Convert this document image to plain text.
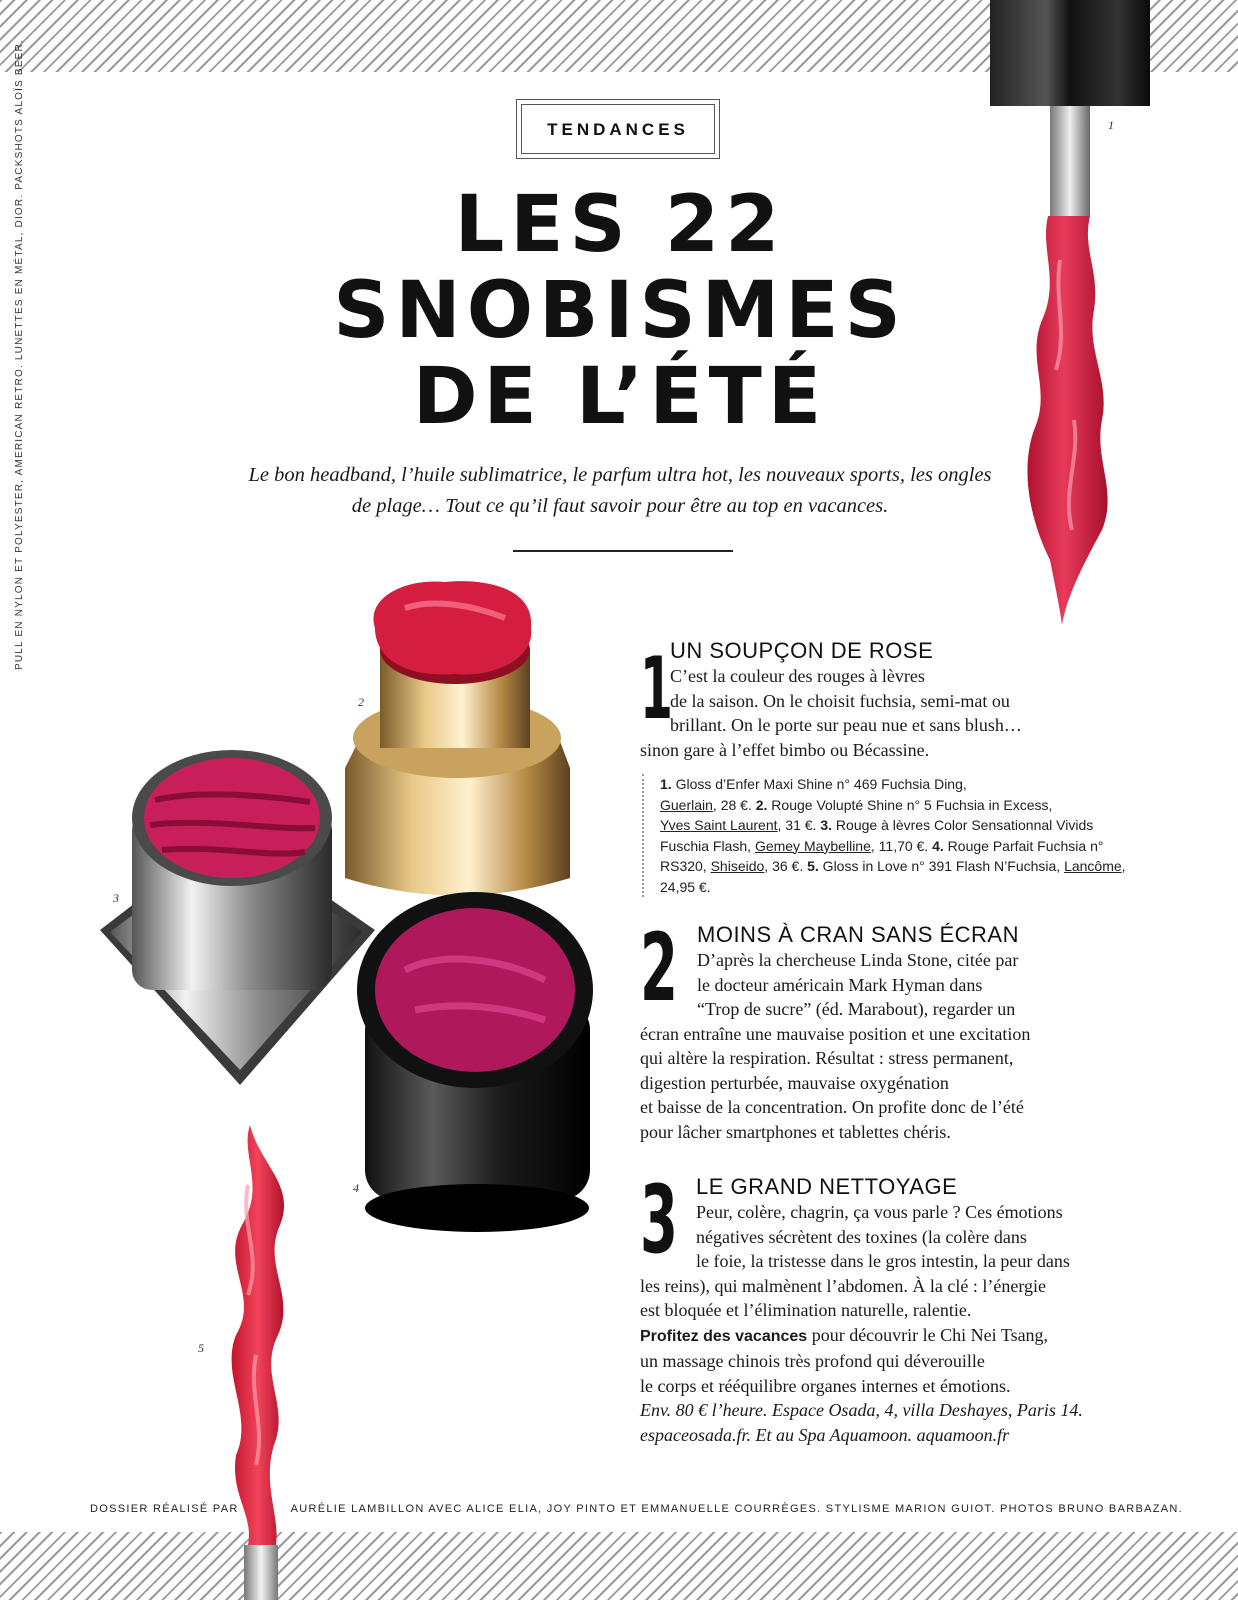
PULL EN NYLON ET POLYESTER, AMERICAN RETRO. LUNETTES EN MÉTAL, DIOR. PACKSHOTS ALOÏS BEER.	1
2
3
4
5
TENDANCES
LES 22
SNOBISMES
DE L’ÉTÉ
Le bon headband, l’huile sublimatrice, le parfum ultra hot, les nouveaux sports, les ongles
de plage… Tout ce qu’il faut savoir pour être au top en vacances.
1 UN SOUPÇON DE ROSE
C’est la couleur des rouges à lèvres
de la saison. On le choisit fuchsia, semi-mat ou
brillant. On le porte sur peau nue et sans blush…
sinon gare à l’effet bimbo ou Bécassine.
1. Gloss d’Enfer Maxi Shine n° 469 Fuchsia Ding,
Guerlain, 28 €. 2. Rouge Volupté Shine n° 5 Fuchsia in Excess,
Yves Saint Laurent, 31 €. 3. Rouge à lèvres Color Sensationnal Vivids Fuschia Flash, Gemey Maybelline, 11,70 €. 4. Rouge Parfait Fuchsia n° RS320, Shiseido, 36 €. 5. Gloss in Love n° 391 Flash N’Fuchsia, Lancôme, 24,95 €.
2 MOINS À CRAN SANS ÉCRAN
D’après la chercheuse Linda Stone, citée par
le docteur américain Mark Hyman dans
“Trop de sucre” (éd. Marabout), regarder un
écran entraîne une mauvaise position et une excitation
qui altère la respiration. Résultat : stress permanent,
digestion perturbée, mauvaise oxygénation
et baisse de la concentration. On profite donc de l’été
pour lâcher smartphones et tablettes chéris.
3 LE GRAND NETTOYAGE
Peur, colère, chagrin, ça vous parle ? Ces émotions
négatives sécrètent des toxines (la colère dans
le foie, la tristesse dans le gros intestin, la peur dans
les reins), qui malmènent l’abdomen. À la clé : l’énergie
est bloquée et l’élimination naturelle, ralentie.
Profitez des vacances pour découvrir le Chi Nei Tsang,
un massage chinois très profond qui déverouille
le corps et rééquilibre organes internes et émotions.
Env. 80 € l’heure. Espace Osada, 4, villa Deshayes, Paris 14.
espaceosada.fr. Et au Spa Aquamoon. aquamoon.fr
DOSSIER RÉALISÉ PAR	AURÉLIE LAMBILLON AVEC ALICE ELIA, JOY PINTO ET EMMANUELLE COURRÈGES. STYLISME MARION GUIOT. PHOTOS BRUNO BARBAZAN.
